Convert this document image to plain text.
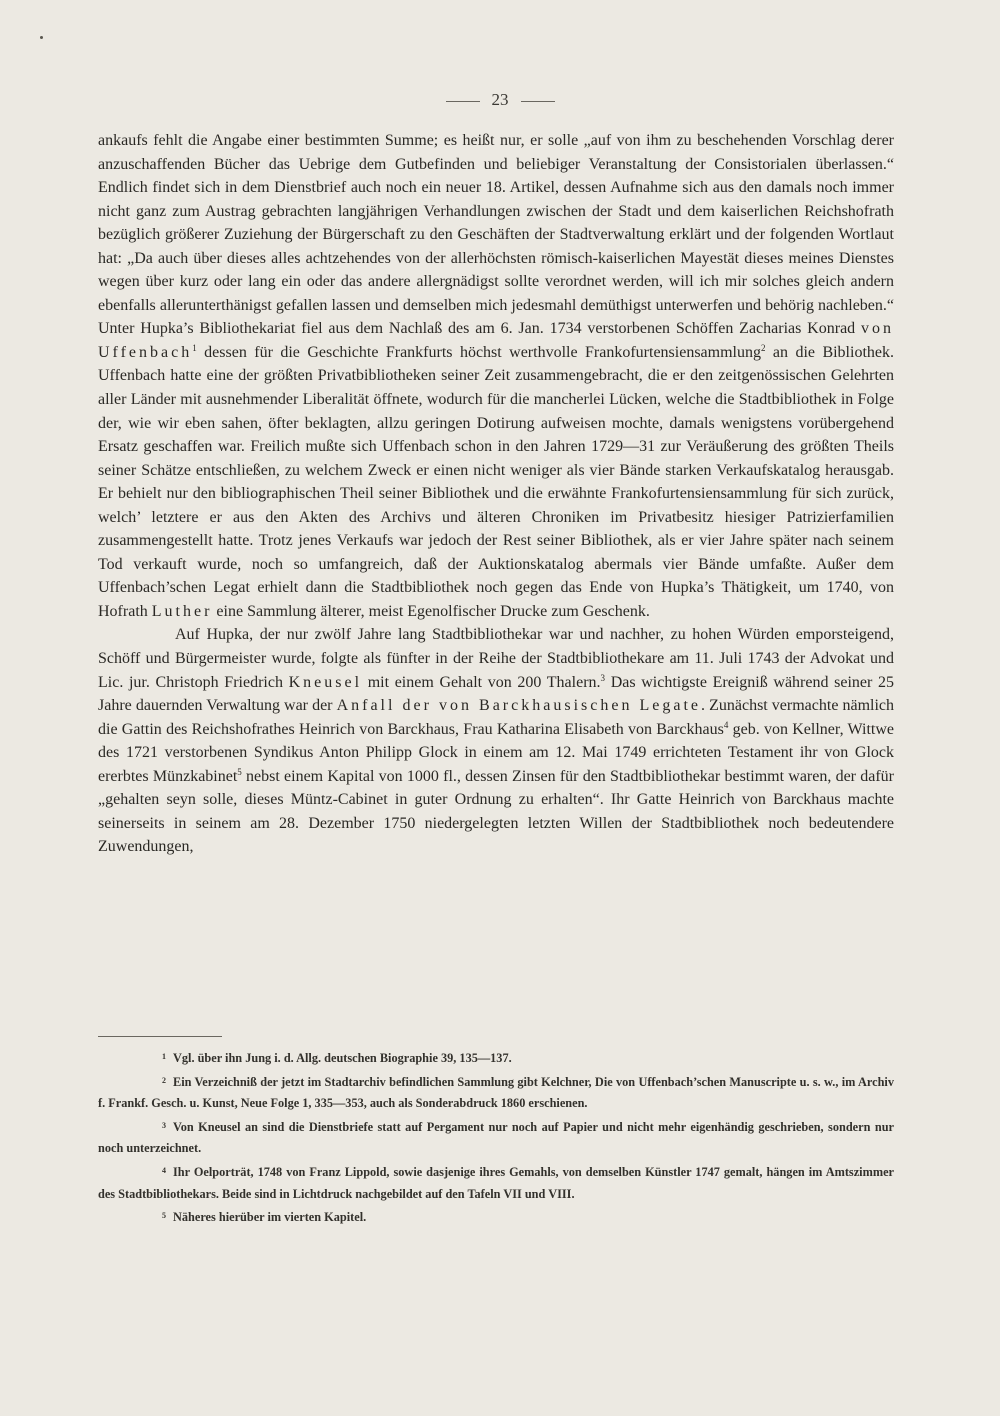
23

ankaufs fehlt die Angabe einer bestimmten Summe; es heißt nur, er solle „auf von ihm zu beschehenden Vorschlag derer anzuschaffenden Bücher das Uebrige dem Gutbefinden und beliebiger Veranstaltung der Consistorialen überlassen.“ Endlich findet sich in dem Dienstbrief auch noch ein neuer 18. Artikel, dessen Aufnahme sich aus den damals noch immer nicht ganz zum Austrag gebrachten langjährigen Verhandlungen zwischen der Stadt und dem kaiserlichen Reichshofrath bezüglich größerer Zuziehung der Bürgerschaft zu den Geschäften der Stadtverwaltung erklärt und der folgenden Wortlaut hat: „Da auch über dieses alles achtzehendes von der allerhöchsten römisch-kaiserlichen Mayestät dieses meines Dienstes wegen über kurz oder lang ein oder das andere allergnädigst sollte verordnet werden, will ich mir solches gleich andern ebenfalls allerunterthänigst gefallen lassen und demselben mich jedesmahl demüthigst unterwerfen und behörig nachleben.“ Unter Hupka’s Bibliothekariat fiel aus dem Nachlaß des am 6. Jan. 1734 verstorbenen Schöffen Zacharias Konrad von Uffenbach$^1$ dessen für die Geschichte Frankfurts höchst werthvolle Frankofurtensiensammlung$^2$ an die Bibliothek. Uffenbach hatte eine der größten Privatbibliotheken seiner Zeit zusammengebracht, die er den zeitgenössischen Gelehrten aller Länder mit ausnehmender Liberalität öffnete, wodurch für die mancherlei Lücken, welche die Stadtbibliothek in Folge der, wie wir eben sahen, öfter beklagten, allzu geringen Dotirung aufweisen mochte, damals wenigstens vorübergehend Ersatz geschaffen war. Freilich mußte sich Uffenbach schon in den Jahren 1729—31 zur Veräußerung des größten Theils seiner Schätze entschließen, zu welchem Zweck er einen nicht weniger als vier Bände starken Verkaufskatalog herausgab. Er behielt nur den bibliographischen Theil seiner Bibliothek und die erwähnte Frankofurtensiensammlung für sich zurück, welch’ letztere er aus den Akten des Archivs und älteren Chroniken im Privatbesitz hiesiger Patrizierfamilien zusammengestellt hatte. Trotz jenes Verkaufs war jedoch der Rest seiner Bibliothek, als er vier Jahre später nach seinem Tod verkauft wurde, noch so umfangreich, daß der Auktionskatalog abermals vier Bände umfaßte. Außer dem Uffenbach’schen Legat erhielt dann die Stadtbibliothek noch gegen das Ende von Hupka’s Thätigkeit, um 1740, von Hofrath Luther eine Sammlung älterer, meist Egenolfischer Drucke zum Geschenk.

Auf Hupka, der nur zwölf Jahre lang Stadtbibliothekar war und nachher, zu hohen Würden emporsteigend, Schöff und Bürgermeister wurde, folgte als fünfter in der Reihe der Stadtbibliothekare am 11. Juli 1743 der Advokat und Lic. jur. Christoph Friedrich Kneusel mit einem Gehalt von 200 Thalern.$^3$ Das wichtigste Ereigniß während seiner 25 Jahre dauernden Verwaltung war der Anfall der von Barckhausischen Legate. Zunächst vermachte nämlich die Gattin des Reichshofrathes Heinrich von Barckhaus, Frau Katharina Elisabeth von Barckhaus$^4$ geb. von Kellner, Wittwe des 1721 verstorbenen Syndikus Anton Philipp Glock in einem am 12. Mai 1749 errichteten Testament ihr von Glock ererbtes Münzkabinet$^5$ nebst einem Kapital von 1000 fl., dessen Zinsen für den Stadtbibliothekar bestimmt waren, der dafür „gehalten seyn solle, dieses Müntz-Cabinet in guter Ordnung zu erhalten“. Ihr Gatte Heinrich von Barckhaus machte seinerseits in seinem am 28. Dezember 1750 niedergelegten letzten Willen der Stadtbibliothek noch bedeutendere Zuwendungen,

$^1$ Vgl. über ihn Jung i. d. Allg. deutschen Biographie 39, 135—137.

$^2$ Ein Verzeichniß der jetzt im Stadtarchiv befindlichen Sammlung gibt Kelchner, Die von Uffenbach’schen Manuscripte u. s. w., im Archiv f. Frankf. Gesch. u. Kunst, Neue Folge 1, 335—353, auch als Sonderabdruck 1860 erschienen.

$^3$ Von Kneusel an sind die Dienstbriefe statt auf Pergament nur noch auf Papier und nicht mehr eigenhändig geschrieben, sondern nur noch unterzeichnet.

$^4$ Ihr Oelporträt, 1748 von Franz Lippold, sowie dasjenige ihres Gemahls, von demselben Künstler 1747 gemalt, hängen im Amtszimmer des Stadtbibliothekars. Beide sind in Lichtdruck nachgebildet auf den Tafeln VII und VIII.

$^5$ Näheres hierüber im vierten Kapitel.
